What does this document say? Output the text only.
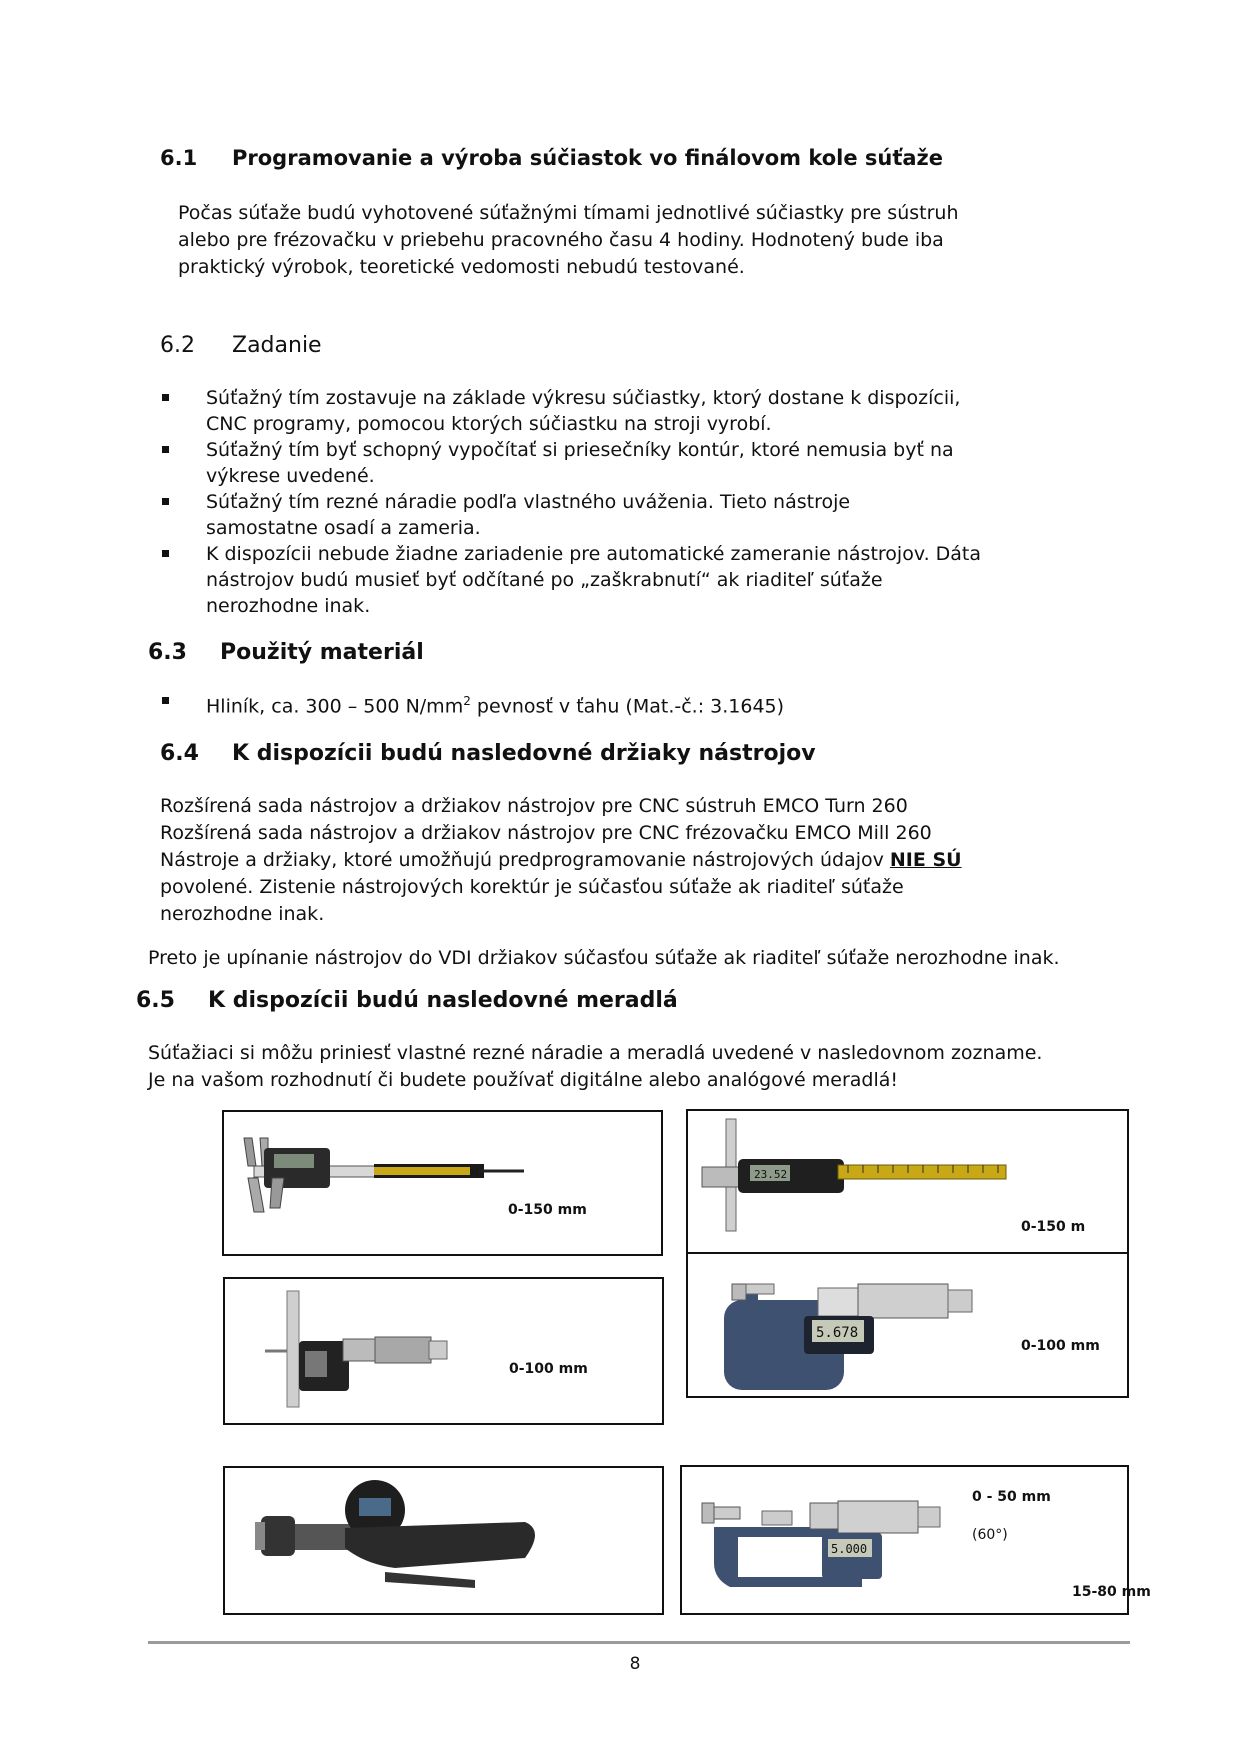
6.1 Programovanie a výroba súčiastok vo finálovom kole súťaže
Počas súťaže budú vyhotovené súťažnými tímami jednotlivé súčiastky pre sústruh
alebo pre frézovačku v priebehu pracovného času 4 hodiny. Hodnotený bude iba
praktický výrobok, teoretické vedomosti nebudú testované.
6.2 Zadanie
Súťažný tím zostavuje na základe výkresu súčiastky, ktorý dostane k dispozícii,
CNC programy, pomocou ktorých súčiastku na stroji vyrobí.
Súťažný tím byť schopný vypočítať si priesečníky kontúr, ktoré nemusia byť na
výkrese uvedené.
Súťažný tím rezné náradie podľa vlastného uváženia. Tieto nástroje
samostatne osadí a zameria.
K dispozícii nebude žiadne zariadenie pre automatické zameranie nástrojov. Dáta
nástrojov budú musieť byť odčítané po „zaškrabnutí“ ak riaditeľ súťaže
nerozhodne inak.
6.3 Použitý materiál
Hliník, ca. 300 – 500 $N/mm^2$ pevnosť v ťahu (Mat.-č.: 3.1645)
6.4 K dispozícii budú nasledovné držiaky nástrojov
Rozšírená sada nástrojov a držiakov nástrojov pre CNC sústruh EMCO Turn 260
Rozšírená sada nástrojov a držiakov nástrojov pre CNC frézovačku EMCO Mill 260
Nástroje a držiaky, ktoré umožňujú predprogramovanie nástrojových údajov NIE SÚ
povolené. Zistenie nástrojových korektúr je súčasťou súťaže ak riaditeľ súťaže
nerozhodne inak.
Preto je upínanie nástrojov do VDI držiakov súčasťou súťaže ak riaditeľ súťaže nerozhodne inak.
6.5 K dispozícii budú nasledovné meradlá
Súťažiaci si môžu priniesť vlastné rezné náradie a meradlá uvedené v nasledovnom zozname.
Je na vašom rozhodnutí či budete používať digitálne alebo analógové meradlá!
0-150 mm
23.52
0-150 m
0-100 mm
5.678
0-100 mm
5.000
0 - 50 mm
(60°)
15-80 mm
8
